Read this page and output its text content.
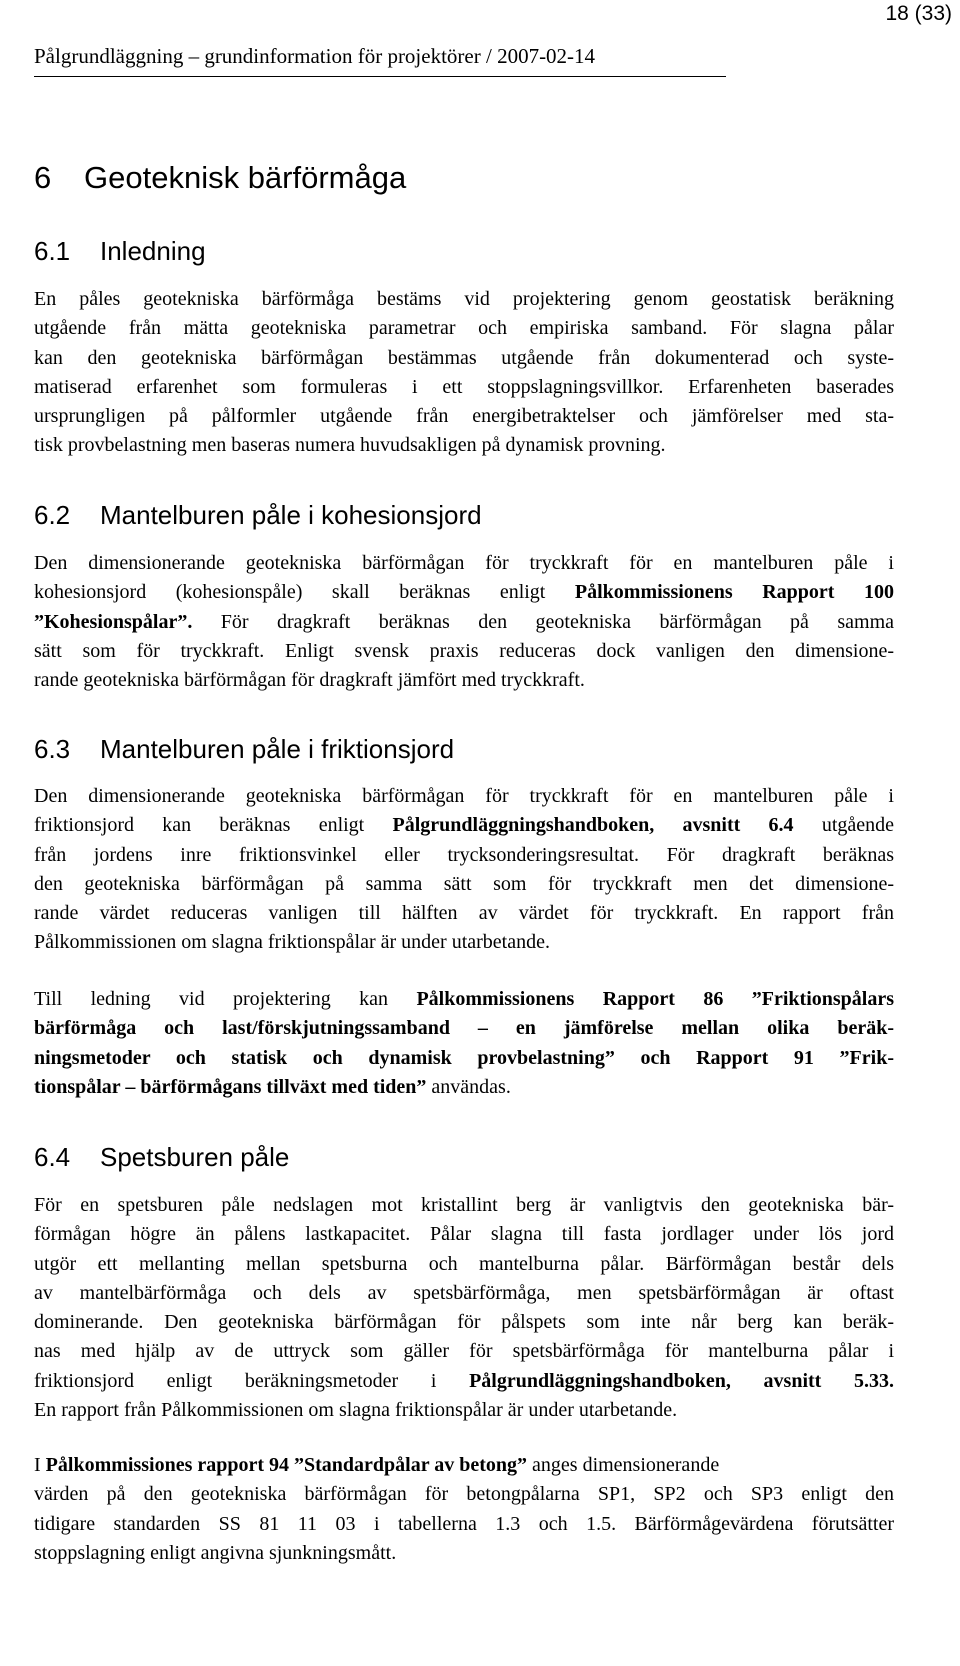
18 (33)
Pålgrundläggning – grundinformation för projektörer / 2007-02-14
6 Geoteknisk bärförmåga
6.1 Inledning
En påles geotekniska bärförmåga bestäms vid projektering genom geostatisk beräkning
utgående från mätta geotekniska parametrar och empiriska samband. För slagna pålar
kan den geotekniska bärförmågan bestämmas utgående från dokumenterad och syste-
matiserad erfarenhet som formuleras i ett stoppslagningsvillkor. Erfarenheten baserades
ursprungligen på pålformler utgående från energibetraktelser och jämförelser med sta-
tisk provbelastning men baseras numera huvudsakligen på dynamisk provning.
6.2 Mantelburen påle i kohesionsjord
Den dimensionerande geotekniska bärförmågan för tryckkraft för en mantelburen påle i
kohesionsjord (kohesionspåle) skall beräknas enligt Pålkommissionens Rapport 100
”Kohesionspålar”. För dragkraft beräknas den geotekniska bärförmågan på samma
sätt som för tryckkraft. Enligt svensk praxis reduceras dock vanligen den dimensione-
rande geotekniska bärförmågan för dragkraft jämfört med tryckkraft.
6.3 Mantelburen påle i friktionsjord
Den dimensionerande geotekniska bärförmågan för tryckkraft för en mantelburen påle i
friktionsjord kan beräknas enligt Pålgrundläggningshandboken, avsnitt 6.4 utgående
från jordens inre friktionsvinkel eller trycksonderingsresultat. För dragkraft beräknas
den geotekniska bärförmågan på samma sätt som för tryckkraft men det dimensione-
rande värdet reduceras vanligen till hälften av värdet för tryckkraft. En rapport från
Pålkommissionen om slagna friktionspålar är under utarbetande.
Till ledning vid projektering kan Pålkommissionens Rapport 86 ”Friktionspålars
bärförmåga och last/förskjutningssamband – en jämförelse mellan olika beräk-
ningsmetoder och statisk och dynamisk provbelastning” och Rapport 91 ”Frik-
tionspålar – bärförmågans tillväxt med tiden” användas.
6.4 Spetsburen påle
För en spetsburen påle nedslagen mot kristallint berg är vanligtvis den geotekniska bär-
förmågan högre än pålens lastkapacitet. Pålar slagna till fasta jordlager under lös jord
utgör ett mellanting mellan spetsburna och mantelburna pålar. Bärförmågan består dels
av mantelbärförmåga och dels av spetsbärförmåga, men spetsbärförmågan är oftast
dominerande. Den geotekniska bärförmågan för pålspets som inte når berg kan beräk-
nas med hjälp av de uttryck som gäller för spetsbärförmåga för mantelburna pålar i
friktionsjord enligt beräkningsmetoder i Pålgrundläggningshandboken, avsnitt 5.33.
En rapport från Pålkommissionen om slagna friktionspålar är under utarbetande.
I Pålkommissiones rapport 94 ”Standardpålar av betong” anges dimensionerande
värden på den geotekniska bärförmågan för betongpålarna SP1, SP2 och SP3 enligt den
tidigare standarden SS 81 11 03 i tabellerna 1.3 och 1.5. Bärförmågevärdena förutsätter
stoppslagning enligt angivna sjunkningsmått.
